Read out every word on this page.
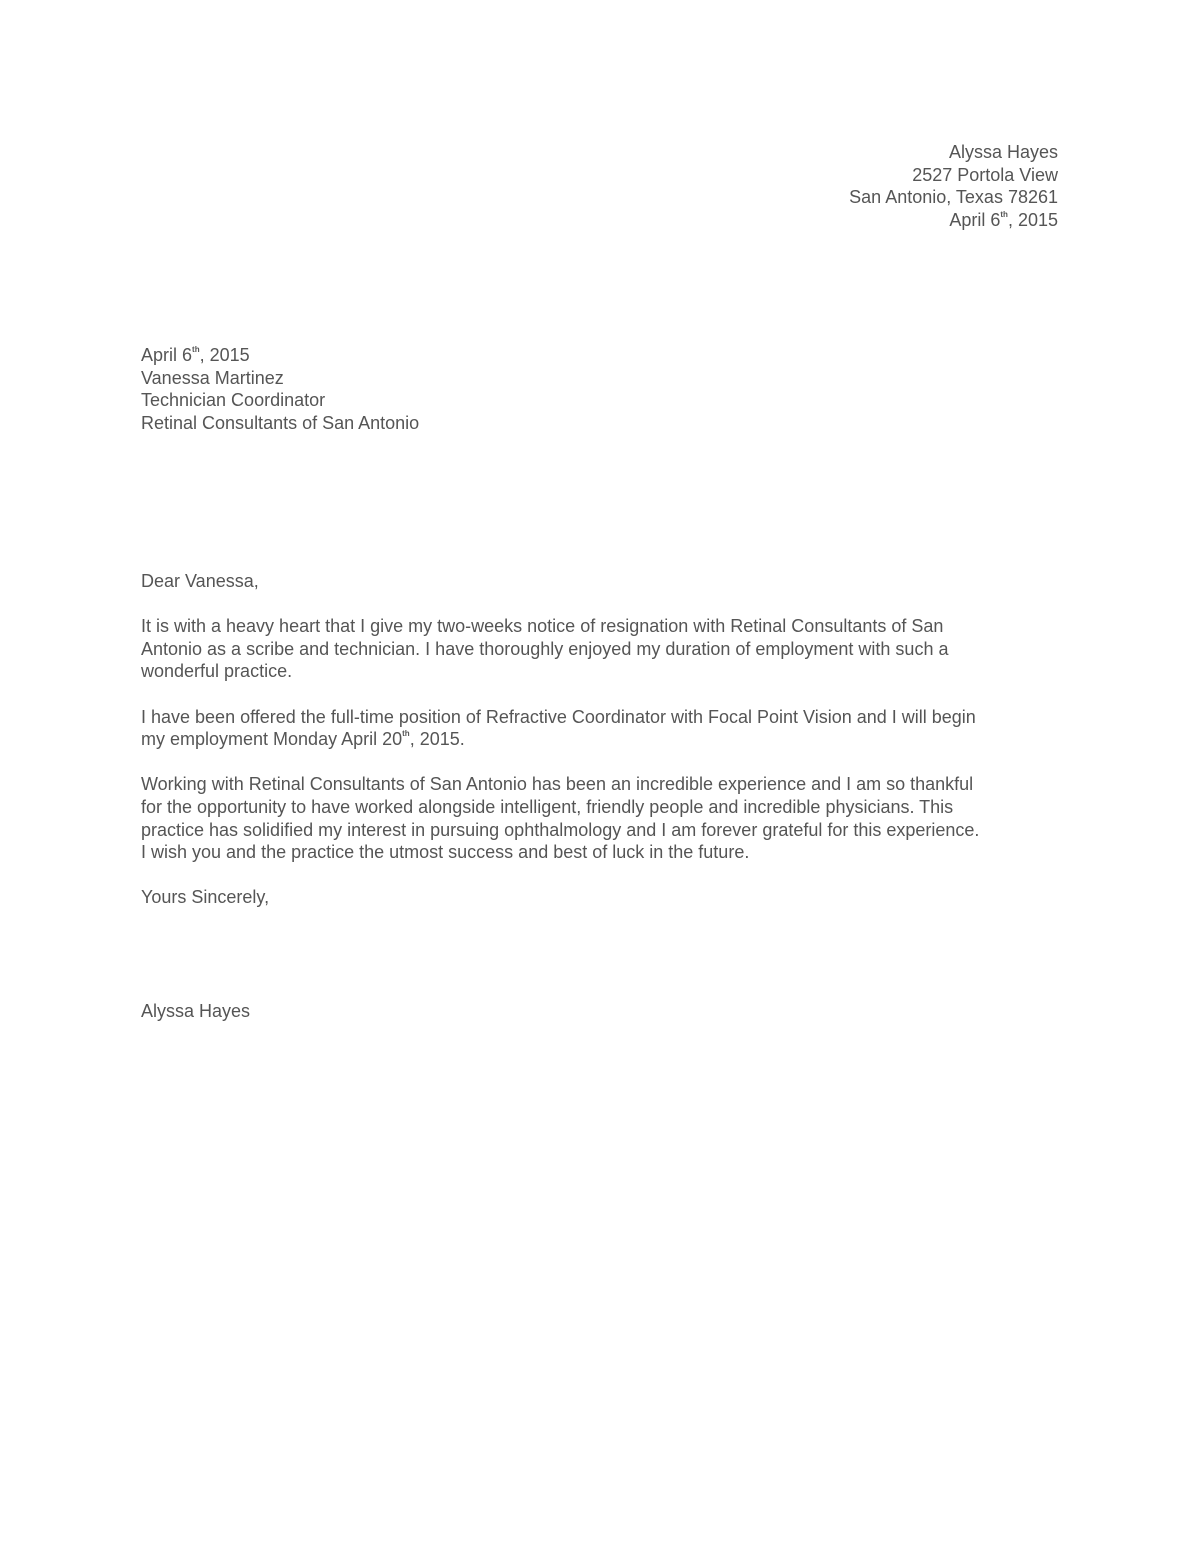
Alyssa Hayes
2527 Portola View
San Antonio, Texas 78261
April 6th, 2015
April 6th, 2015
Vanessa Martinez
Technician Coordinator
Retinal Consultants of San Antonio

Dear Vanessa,

It is with a heavy heart that I give my two-weeks notice of resignation with Retinal Consultants of San
Antonio as a scribe and technician. I have thoroughly enjoyed my duration of employment with such a
wonderful practice.

I have been offered the full-time position of Refractive Coordinator with Focal Point Vision and I will begin
my employment Monday April 20th, 2015.

Working with Retinal Consultants of San Antonio has been an incredible experience and I am so thankful
for the opportunity to have worked alongside intelligent, friendly people and incredible physicians. This
practice has solidified my interest in pursuing ophthalmology and I am forever grateful for this experience.
I wish you and the practice the utmost success and best of luck in the future.

Yours Sincerely,

Alyssa Hayes
